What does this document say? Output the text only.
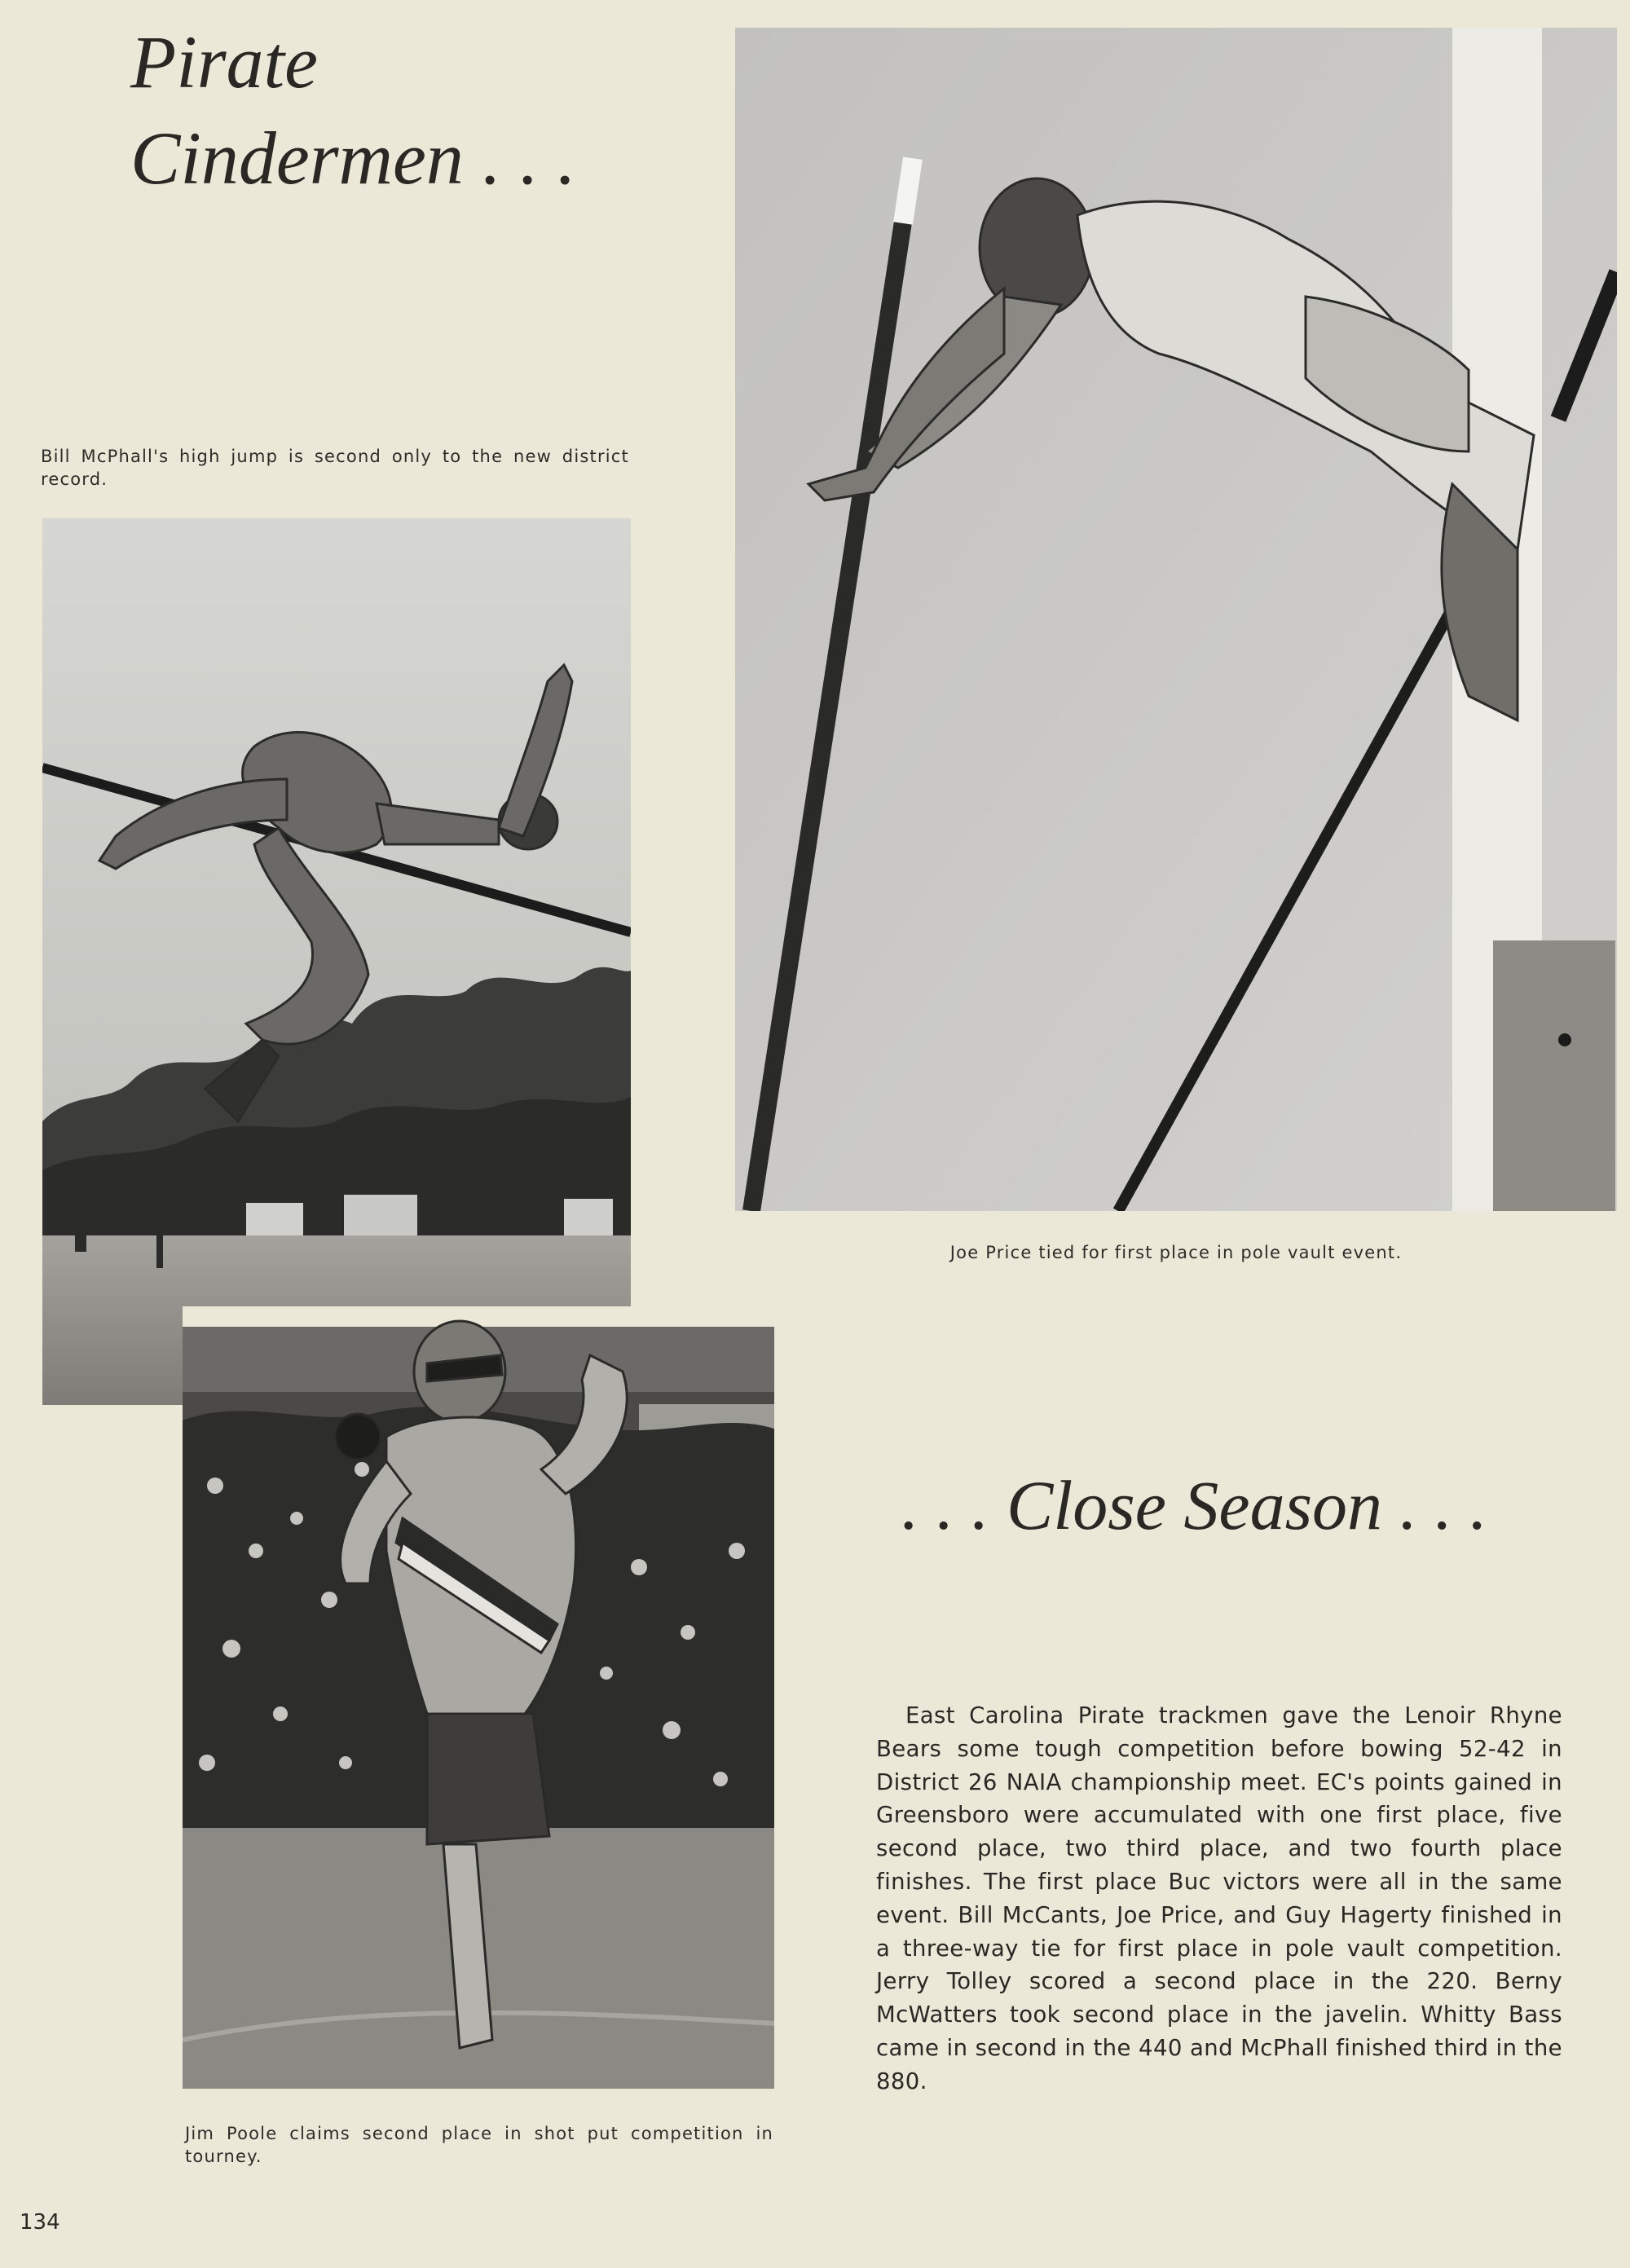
Pirate
Cindermen . . .
Bill McPhall's high jump is second only to the new district record.
Joe Price tied for first place in pole vault event.
Jim Poole claims second place in shot put competition in tourney.
. . . Close Season . . .

East Carolina Pirate trackmen gave the Lenoir Rhyne Bears some tough competition before bowing 52-42 in District 26 NAIA championship meet. EC's points gained in Greensboro were accumulated with one first place, five second place, two third place, and two fourth place finishes. The first place Buc victors were all in the same event. Bill McCants, Joe Price, and Guy Hagerty finished in a three-way tie for first place in pole vault competition. Jerry Tolley scored a second place in the 220. Berny McWatters took second place in the javelin. Whitty Bass came in second in the 440 and McPhall finished third in the 880.

134
